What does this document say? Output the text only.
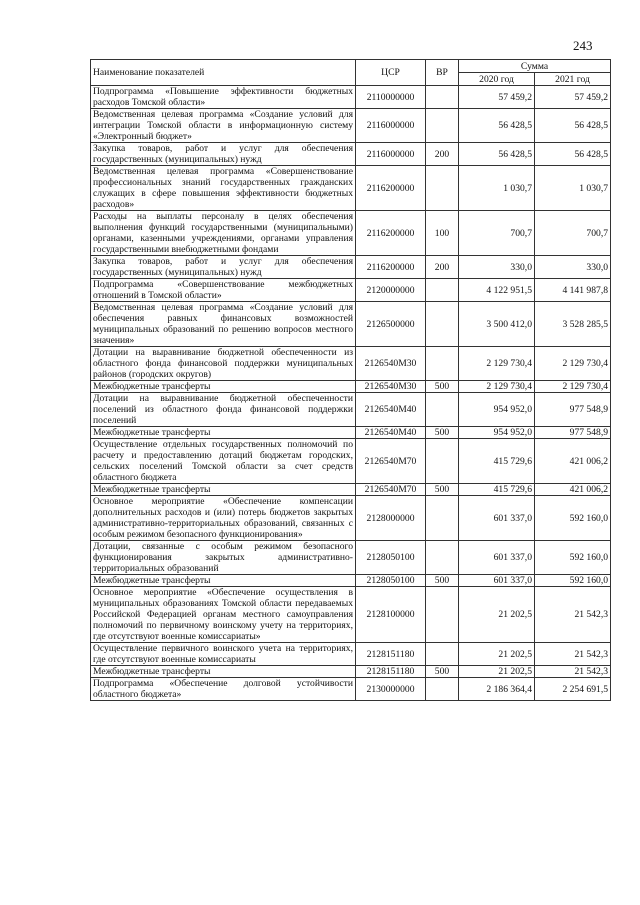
243
Наименование показателей	ЦСР	ВР	Сумма	
			2020 год	2021 год
Подпрограмма «Повышение эффективности бюджетных расходов Томской области»	2110000000		57 459,2	57 459,2
Ведомственная целевая программа «Создание условий для интеграции Томской области в информационную систему «Электронный бюджет»	2116000000		56 428,5	56 428,5
Закупка товаров, работ и услуг для обеспечения государственных (муниципальных) нужд	2116000000	200	56 428,5	56 428,5
Ведомственная целевая программа «Совершенствование профессиональных знаний государственных гражданских служащих в сфере повышения эффективности бюджетных расходов»	2116200000		1 030,7	1 030,7
Расходы на выплаты персоналу в целях обеспечения выполнения функций государственными (муниципальными) органами, казенными учреждениями, органами управления государственными внебюджетными фондами	2116200000	100	700,7	700,7
Закупка товаров, работ и услуг для обеспечения государственных (муниципальных) нужд	2116200000	200	330,0	330,0
Подпрограмма «Совершенствование межбюджетных отношений в Томской области»	2120000000		4 122 951,5	4 141 987,8
Ведомственная целевая программа «Создание условий для обеспечения равных финансовых возможностей муниципальных образований по решению вопросов местного значения»	2126500000		3 500 412,0	3 528 285,5
Дотации на выравнивание бюджетной обеспеченности из областного фонда финансовой поддержки муниципальных районов (городских округов)	2126540М30		2 129 730,4	2 129 730,4
Межбюджетные трансферты	2126540М30	500	2 129 730,4	2 129 730,4
Дотации на выравнивание бюджетной обеспеченности поселений из областного фонда финансовой поддержки поселений	2126540М40		954 952,0	977 548,9
Межбюджетные трансферты	2126540М40	500	954 952,0	977 548,9
Осуществление отдельных государственных полномочий по расчету и предоставлению дотаций бюджетам городских, сельских поселений Томской области за счет средств областного бюджета	2126540М70		415 729,6	421 006,2
Межбюджетные трансферты	2126540М70	500	415 729,6	421 006,2
Основное мероприятие «Обеспечение компенсации дополнительных расходов и (или) потерь бюджетов закрытых административно-территориальных образований, связанных с особым режимом безопасного функционирования»	2128000000		601 337,0	592 160,0
Дотации, связанные с особым режимом безопасного функционирования закрытых административно-территориальных образований	2128050100		601 337,0	592 160,0
Межбюджетные трансферты	2128050100	500	601 337,0	592 160,0
Основное мероприятие «Обеспечение осуществления в муниципальных образованиях Томской области передаваемых Российской Федерацией органам местного самоуправления полномочий по первичному воинскому учету на территориях, где отсутствуют военные комиссариаты»	2128100000		21 202,5	21 542,3
Осуществление первичного воинского учета на территориях, где отсутствуют военные комиссариаты	2128151180		21 202,5	21 542,3
Межбюджетные трансферты	2128151180	500	21 202,5	21 542,3
Подпрограмма «Обеспечение долговой устойчивости областного бюджета»	2130000000		2 186 364,4	2 254 691,5
